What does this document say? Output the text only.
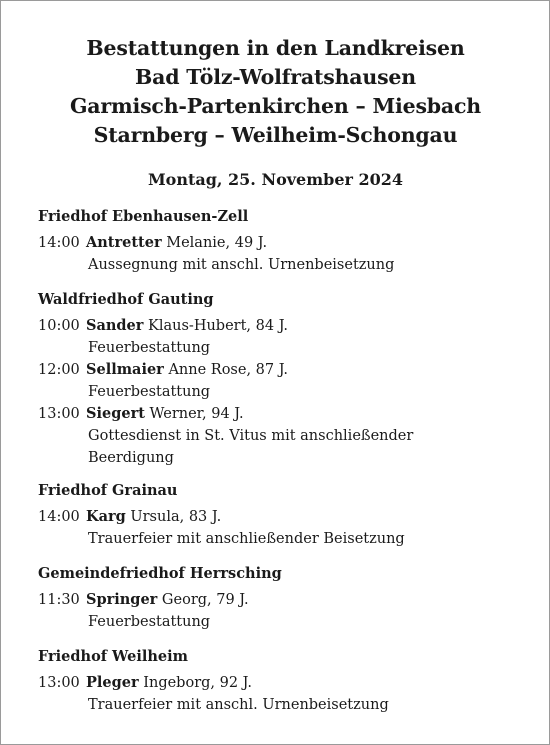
Bestattungen in den Landkreisen
Bad Tölz-Wolfratshausen
Garmisch-Partenkirchen – Miesbach
Starnberg – Weilheim-Schongau
Montag, 25. November 2024
Friedhof Ebenhausen-Zell
14:00 Antretter Melanie, 49 J.
Aussegnung mit anschl. Urnenbeisetzung
Waldfriedhof Gauting
10:00 Sander Klaus-Hubert, 84 J.
Feuerbestattung
12:00 Sellmaier Anne Rose, 87 J.
Feuerbestattung
13:00 Siegert Werner, 94 J.
Gottesdienst in St. Vitus mit anschließender
Beerdigung
Friedhof Grainau
14:00 Karg Ursula, 83 J.
Trauerfeier mit anschließender Beisetzung
Gemeindefriedhof Herrsching
11:30 Springer Georg, 79 J.
Feuerbestattung
Friedhof Weilheim
13:00 Pleger Ingeborg, 92 J.
Trauerfeier mit anschl. Urnenbeisetzung
